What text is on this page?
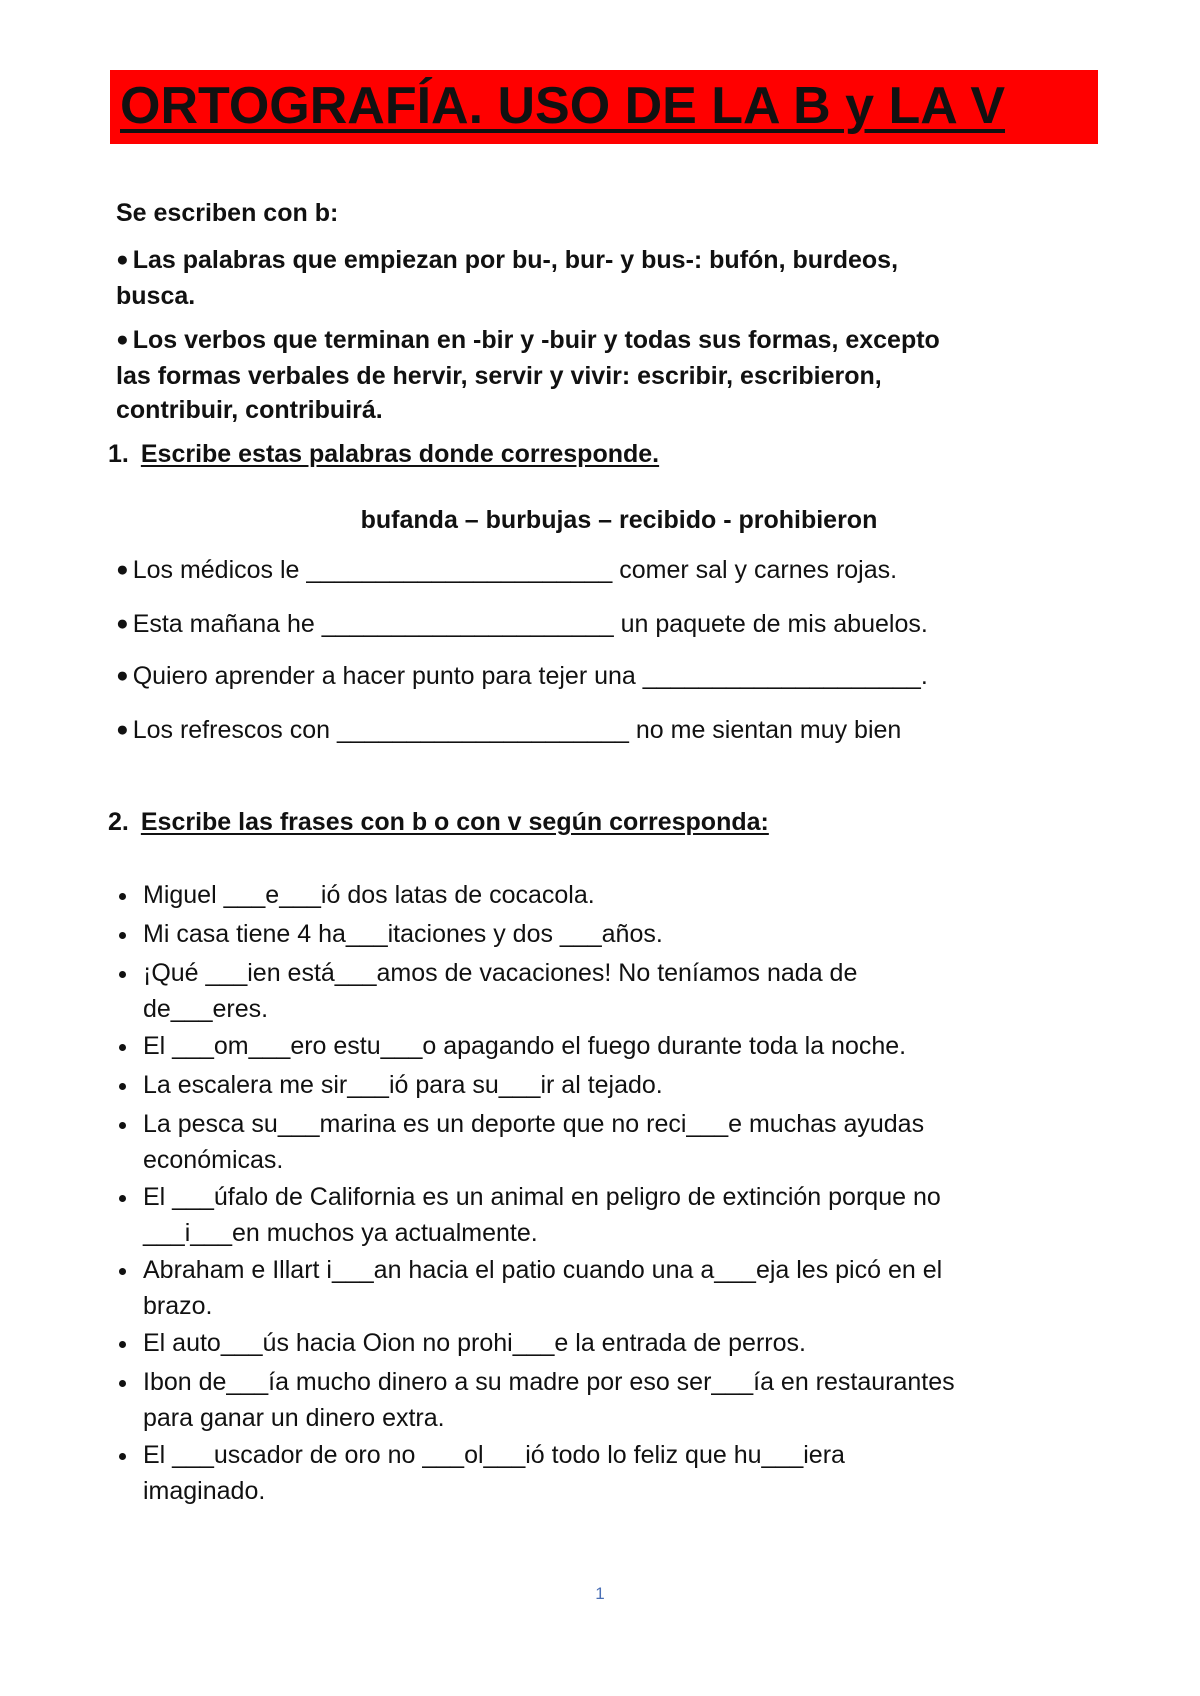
ORTOGRAFÍA. USO DE LA B y LA V
Se escriben con b:
● Las palabras que empiezan por bu-, bur- y bus-: bufón, burdeos,
busca.
● Los verbos que terminan en -bir y -buir y todas sus formas, excepto
las formas verbales de hervir, servir y vivir: escribir, escribieron,
contribuir, contribuirá.
1. Escribe estas palabras donde corresponde.
bufanda – burbujas – recibido - prohibieron
● Los médicos le ______________________ comer sal y carnes rojas.
● Esta mañana he _____________________ un paquete de mis abuelos.
● Quiero aprender a hacer punto para tejer una ____________________.
● Los refrescos con _____________________ no me sientan muy bien
2. Escribe las frases con b o con v según corresponda:
Miguel ___e___ió dos latas de cocacola.
Mi casa tiene 4 ha___itaciones y dos ___años.
¡Qué ___ien está___amos de vacaciones! No teníamos nada de
de___eres.
El ___om___ero estu___o apagando el fuego durante toda la noche.
La escalera me sir___ió para su___ir al tejado.
La pesca su___marina es un deporte que no reci___e muchas ayudas
económicas.
El ___úfalo de California es un animal en peligro de extinción porque no
___i___en muchos ya actualmente.
Abraham e Illart i___an hacia el patio cuando una a___eja les picó en el
brazo.
El auto___ús hacia Oion no prohi___e la entrada de perros.
Ibon de___ía mucho dinero a su madre por eso ser___ía en restaurantes
para ganar un dinero extra.
El ___uscador de oro no ___ol___ió todo lo feliz que hu___iera
imaginado.
1
